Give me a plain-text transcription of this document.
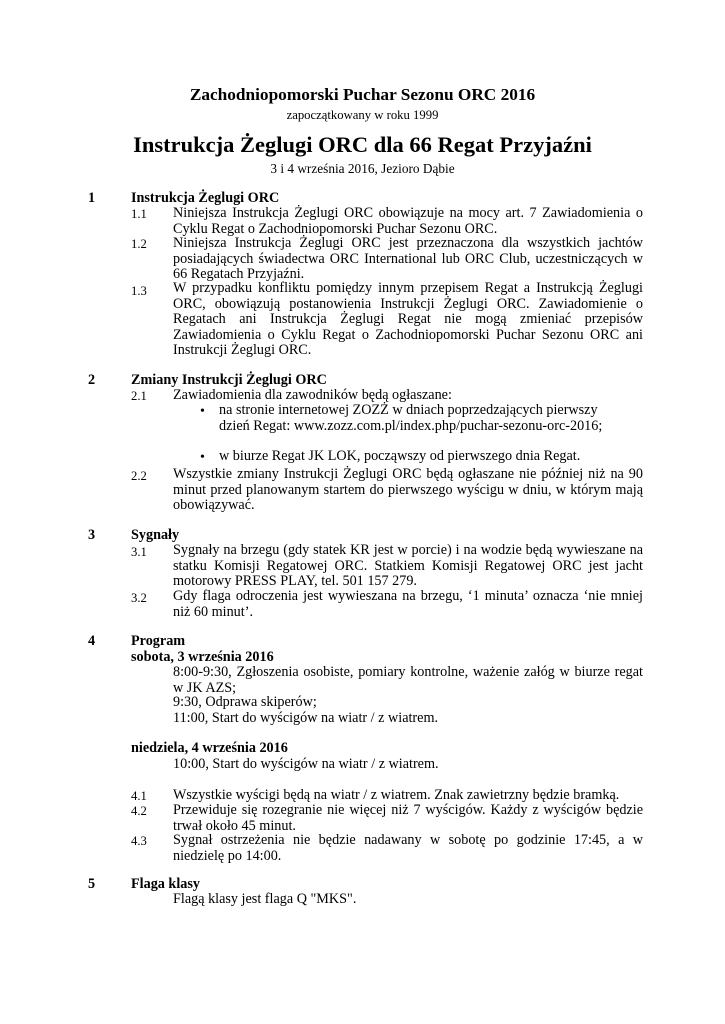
Zachodniopomorski Puchar Sezonu ORC 2016
zapoczątkowany w roku 1999
Instrukcja Żeglugi ORC dla 66 Regat Przyjaźni
3 i 4 września 2016, Jezioro Dąbie
1	Instrukcja Żeglugi ORC
1.1 Niniejsza Instrukcja Żeglugi ORC obowiązuje na mocy art. 7 Zawiadomienia o Cyklu Regat o Zachodniopomorski Puchar Sezonu ORC.
1.2 Niniejsza Instrukcja Żeglugi ORC jest przeznaczona dla wszystkich jachtów posiadających świadectwa ORC International lub ORC Club, uczestniczących w 66 Regatach Przyjaźni.
1.3 W przypadku konfliktu pomiędzy innym przepisem Regat a Instrukcją Żeglugi ORC, obowiązują postanowienia Instrukcji Żeglugi ORC. Zawiadomienie o Regatach ani Instrukcja Żeglugi Regat nie mogą zmieniać przepisów Zawiadomienia o Cyklu Regat o Zachodniopomorski Puchar Sezonu ORC ani Instrukcji Żeglugi ORC.
2	Zmiany Instrukcji Żeglugi ORC
2.1 Zawiadomienia dla zawodników będą ogłaszane:
• na stronie internetowej ZOZŻ w dniach poprzedzających pierwszy dzień Regat: www.zozz.com.pl/index.php/puchar-sezonu-orc-2016;
• w biurze Regat JK LOK, począwszy od pierwszego dnia Regat.
2.2 Wszystkie zmiany Instrukcji Żeglugi ORC będą ogłaszane nie później niż na 90 minut przed planowanym startem do pierwszego wyścigu w dniu, w którym mają obowiązywać.
3	Sygnały
3.1 Sygnały na brzegu (gdy statek KR jest w porcie) i na wodzie będą wywieszane na statku Komisji Regatowej ORC. Statkiem Komisji Regatowej ORC jest jacht motorowy PRESS PLAY, tel. 501 157 279.
3.2 Gdy flaga odroczenia jest wywieszana na brzegu, ‘1 minuta’ oznacza ‘nie mniej niż 60 minut’.
4	Program
sobota, 3 września 2016
8:00-9:30, Zgłoszenia osobiste, pomiary kontrolne, ważenie załóg w biurze regat w JK AZS;
9:30, Odprawa skiperów;
11:00, Start do wyścigów na wiatr / z wiatrem.
niedziela, 4 września 2016
10:00, Start do wyścigów na wiatr / z wiatrem.
4.1 Wszystkie wyścigi będą na wiatr / z wiatrem. Znak zawietrzny będzie bramką.
4.2 Przewiduje się rozegranie nie więcej niż 7 wyścigów. Każdy z wyścigów będzie trwał około 45 minut.
4.3 Sygnał ostrzeżenia nie będzie nadawany w sobotę po godzinie 17:45, a w niedzielę po 14:00.
5	Flaga klasy
Flagą klasy jest flaga Q "MKS".
